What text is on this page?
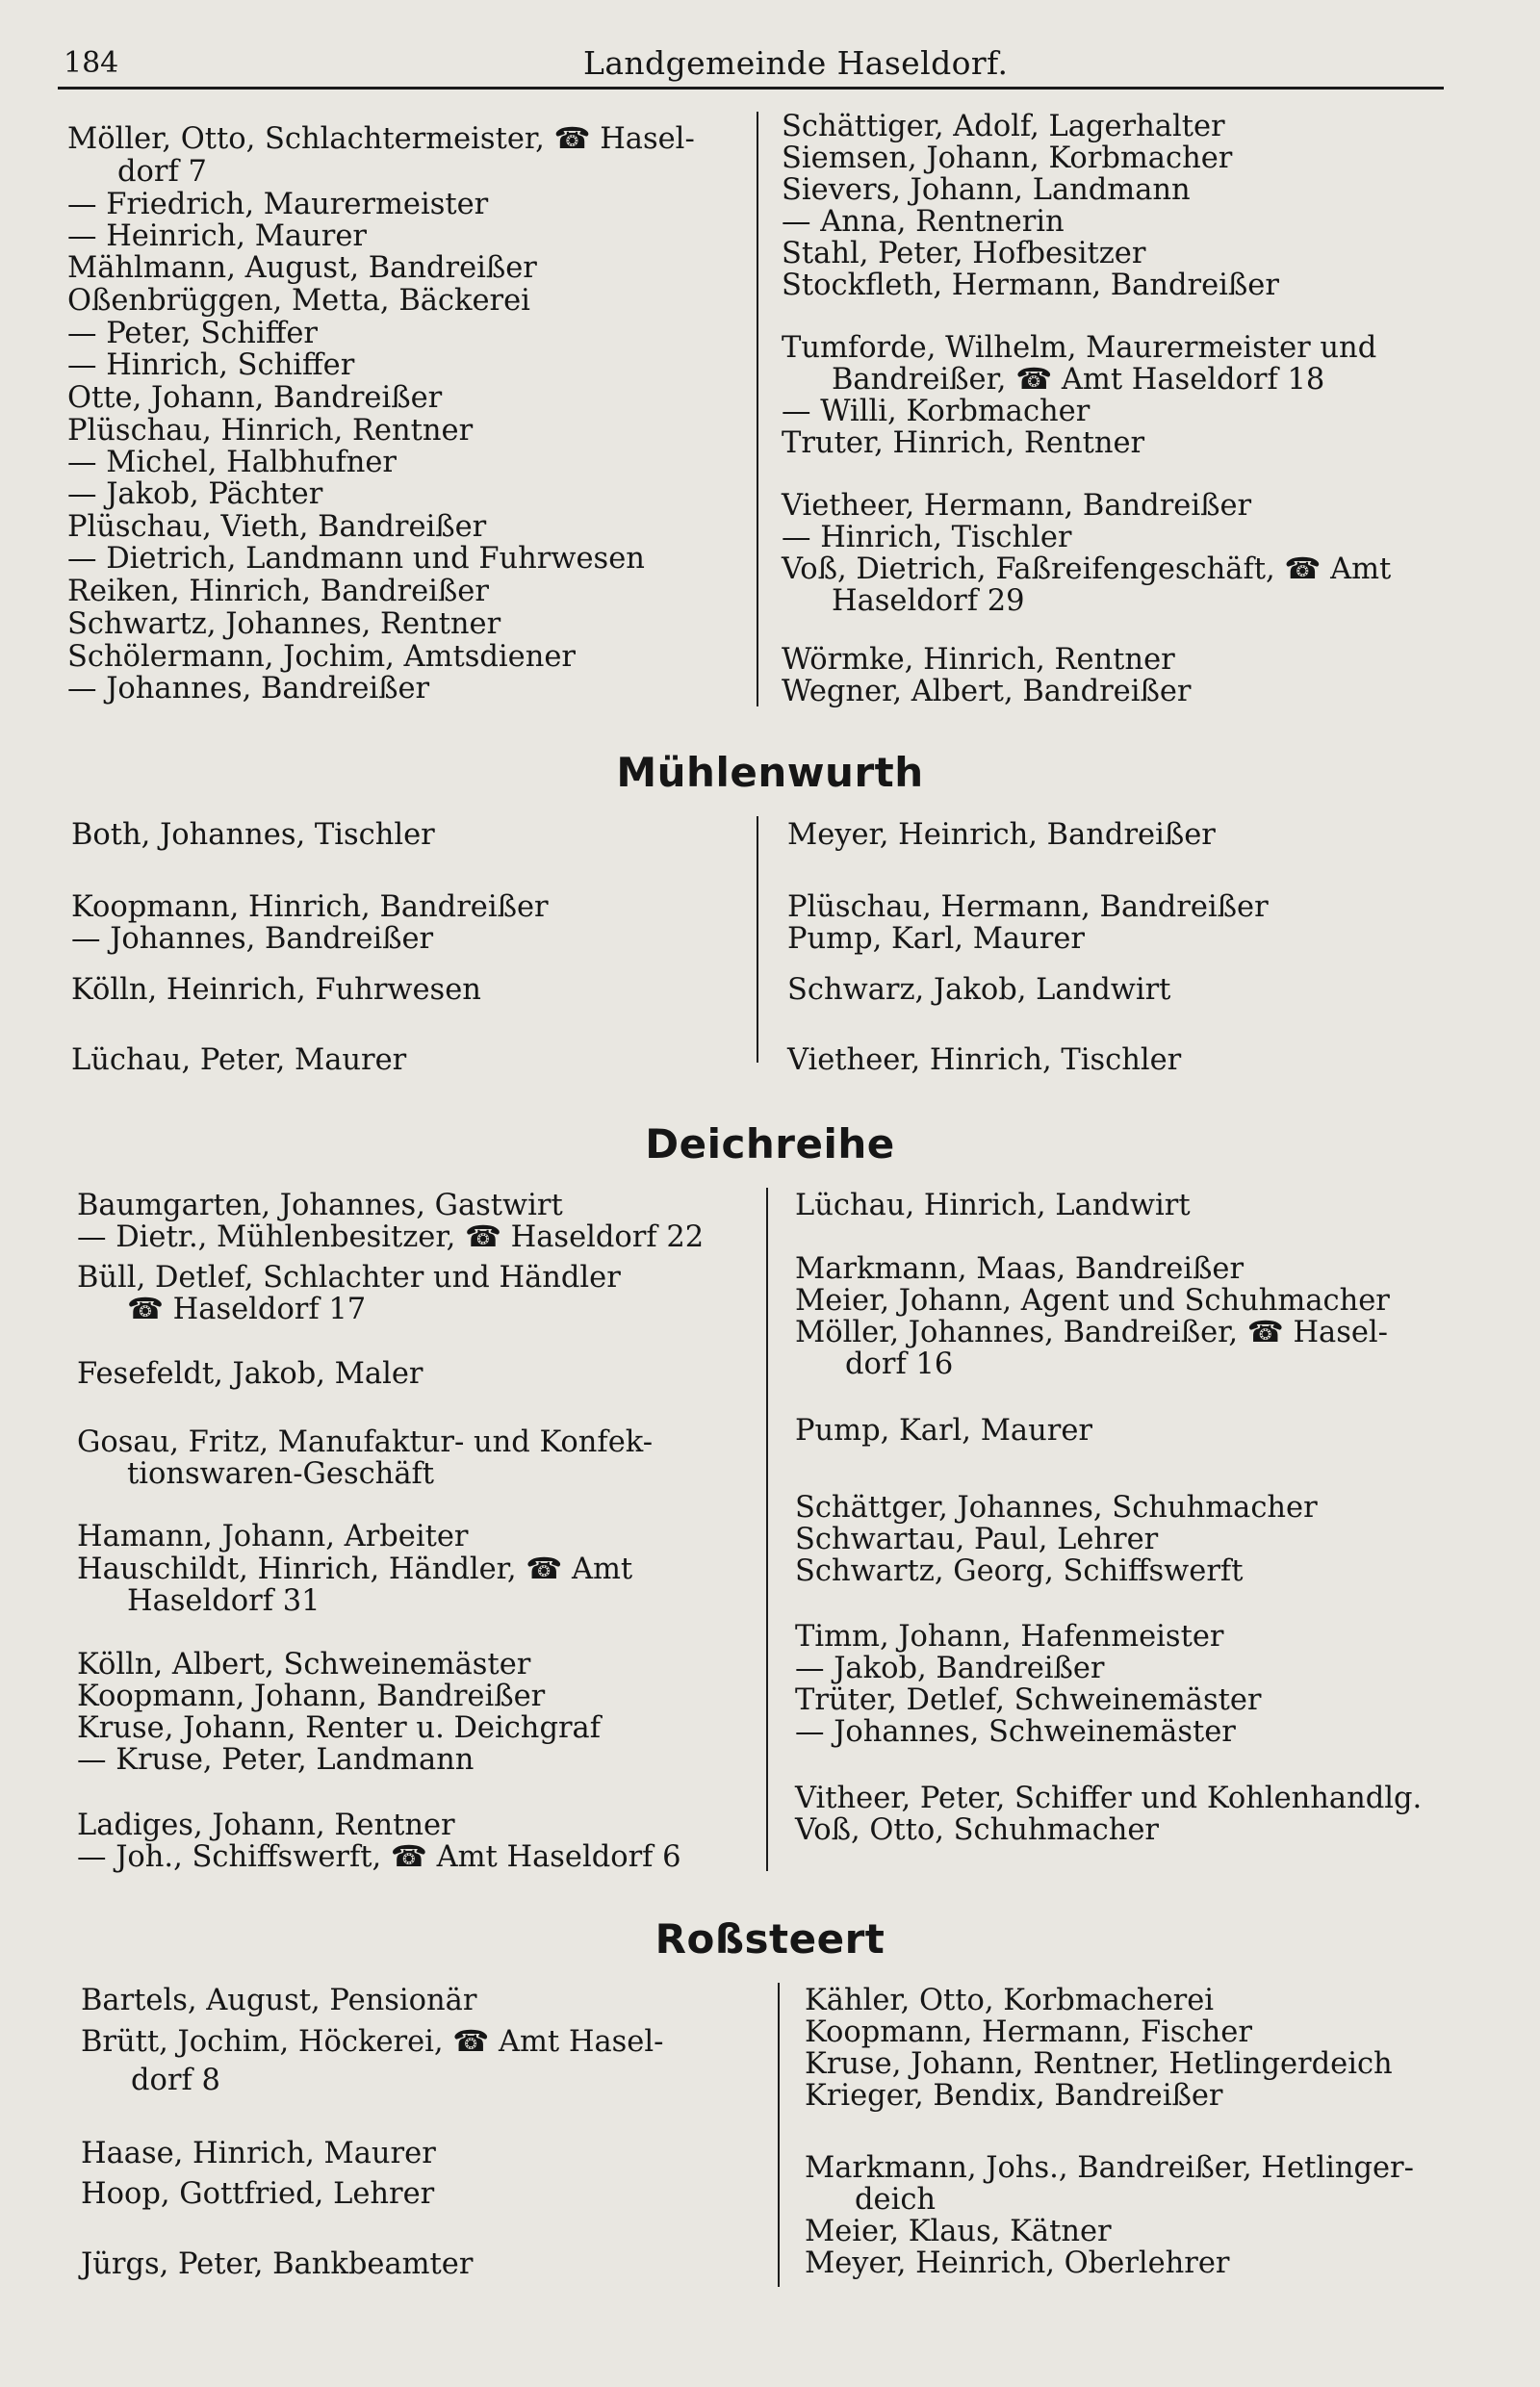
184	Landgemeinde Haseldorf.
Möller, Otto, Schlachtermeister, ☎ Hasel-
dorf 7
— Friedrich, Maurermeister
— Heinrich, Maurer
Mählmann, August, Bandreißer
Oßenbrüggen, Metta, Bäckerei
— Peter, Schiffer
— Hinrich, Schiffer
Otte, Johann, Bandreißer
Plüschau, Hinrich, Rentner
— Michel, Halbhufner
— Jakob, Pächter
Plüschau, Vieth, Bandreißer
— Dietrich, Landmann und Fuhrwesen
Reiken, Hinrich, Bandreißer
Schwartz, Johannes, Rentner
Schölermann, Jochim, Amtsdiener
— Johannes, Bandreißer
Schättiger, Adolf, Lagerhalter
Siemsen, Johann, Korbmacher
Sievers, Johann, Landmann
— Anna, Rentnerin
Stahl, Peter, Hofbesitzer
Stockfleth, Hermann, Bandreißer
Tumforde, Wilhelm, Maurermeister und
Bandreißer, ☎ Amt Haseldorf 18
— Willi, Korbmacher
Truter, Hinrich, Rentner
Vietheer, Hermann, Bandreißer
— Hinrich, Tischler
Voß, Dietrich, Faßreifengeschäft, ☎ Amt
Haseldorf 29
Wörmke, Hinrich, Rentner
Wegner, Albert, Bandreißer
Mühlenwurth
Both, Johannes, Tischler
Koopmann, Hinrich, Bandreißer
— Johannes, Bandreißer
Kölln, Heinrich, Fuhrwesen
Lüchau, Peter, Maurer
Meyer, Heinrich, Bandreißer
Plüschau, Hermann, Bandreißer
Pump, Karl, Maurer
Schwarz, Jakob, Landwirt
Vietheer, Hinrich, Tischler
Deichreihe
Baumgarten, Johannes, Gastwirt
— Dietr., Mühlenbesitzer, ☎ Haseldorf 22
Büll, Detlef, Schlachter und Händler
☎ Haseldorf 17
Fesefeldt, Jakob, Maler
Gosau, Fritz, Manufaktur- und Konfek-
tionswaren-Geschäft
Hamann, Johann, Arbeiter
Hauschildt, Hinrich, Händler, ☎ Amt
Haseldorf 31
Kölln, Albert, Schweinemäster
Koopmann, Johann, Bandreißer
Kruse, Johann, Renter u. Deichgraf
— Kruse, Peter, Landmann
Ladiges, Johann, Rentner
— Joh., Schiffswerft, ☎ Amt Haseldorf 6
Lüchau, Hinrich, Landwirt
Markmann, Maas, Bandreißer
Meier, Johann, Agent und Schuhmacher
Möller, Johannes, Bandreißer, ☎ Hasel-
dorf 16
Pump, Karl, Maurer
Schättger, Johannes, Schuhmacher
Schwartau, Paul, Lehrer
Schwartz, Georg, Schiffswerft
Timm, Johann, Hafenmeister
— Jakob, Bandreißer
Trüter, Detlef, Schweinemäster
— Johannes, Schweinemäster
Vitheer, Peter, Schiffer und Kohlenhandlg.
Voß, Otto, Schuhmacher
Roßsteert
Bartels, August, Pensionär
Brütt, Jochim, Höckerei, ☎ Amt Hasel-
dorf 8
Haase, Hinrich, Maurer
Hoop, Gottfried, Lehrer
Jürgs, Peter, Bankbeamter
Kähler, Otto, Korbmacherei
Koopmann, Hermann, Fischer
Kruse, Johann, Rentner, Hetlingerdeich
Krieger, Bendix, Bandreißer
Markmann, Johs., Bandreißer, Hetlinger-
deich
Meier, Klaus, Kätner
Meyer, Heinrich, Oberlehrer
